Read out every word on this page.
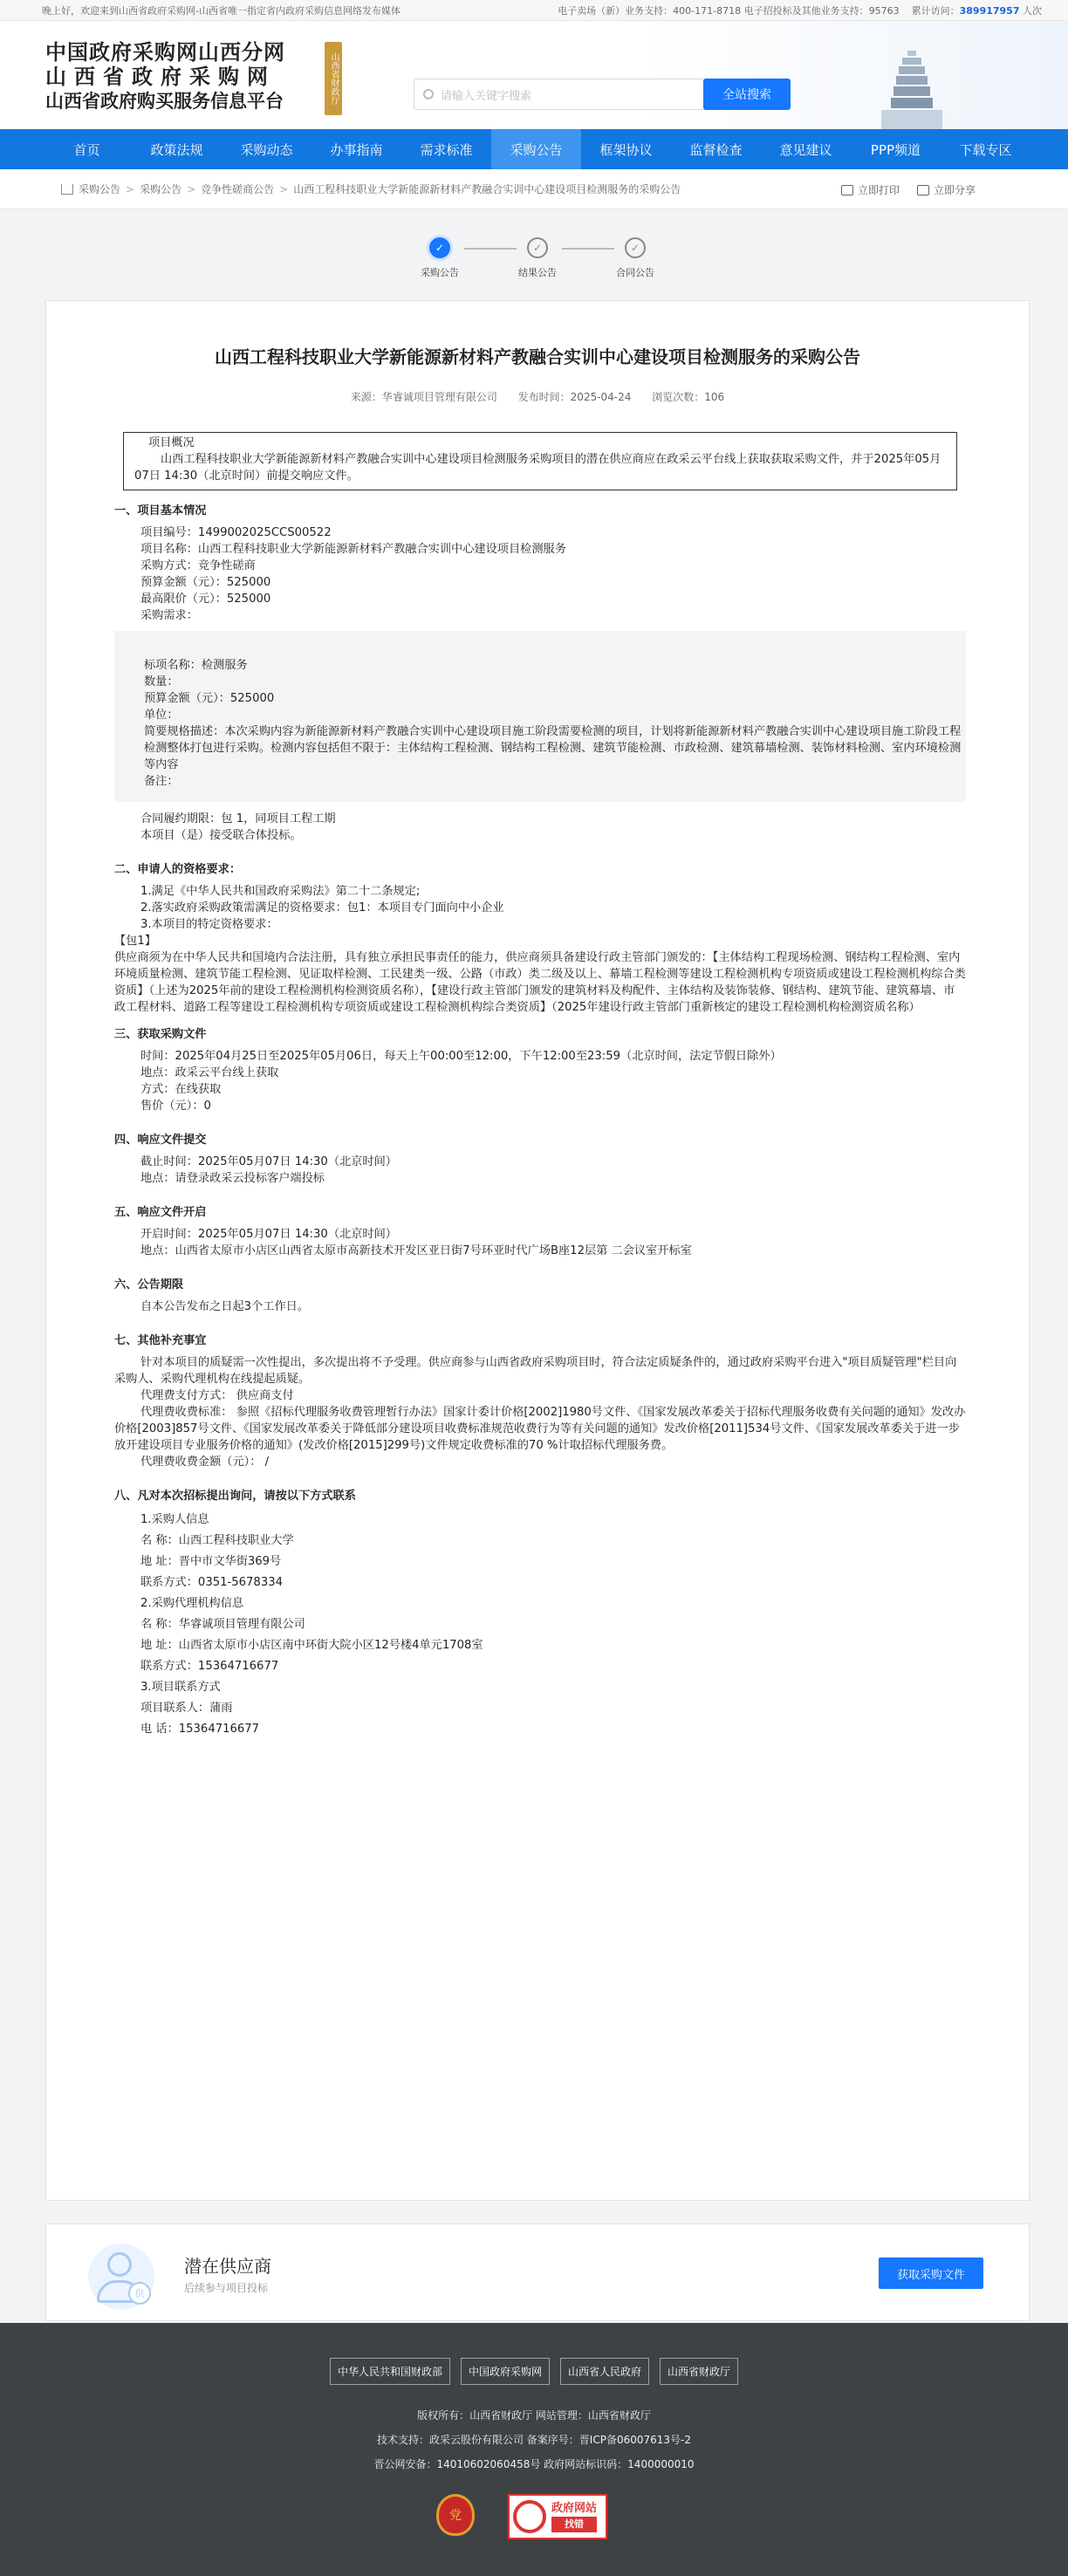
晚上好，欢迎来到山西省政府采购网-山西省唯一指定省内政府采购信息网络发布媒体	电子卖场（新）业务支持：400-171-8718 电子招投标及其他业务支持：95763 累计访问：389917957 人次
中国政府采购网山西分网
山西省政府采购网
山西省政府购买服务信息平台	山西省财政厅	请输入关键字搜索	全站搜索
首页	政策法规	采购动态	办事指南	需求标准	采购公告	框架协议	监督检查	意见建议	PPP频道	下载专区
采购公告 > 采购公告 > 竞争性磋商公告 > 山西工程科技职业大学新能源新材料产教融合实训中心建设项目检测服务的采购公告	立即打印	立即分享
✓
采购公告
✓
结果公告
✓
合同公告
山西工程科技职业大学新能源新材料产教融合实训中心建设项目检测服务的采购公告
来源：华睿诚项目管理有限公司 发布时间：2025-04-24 浏览次数：106
项目概况
山西工程科技职业大学新能源新材料产教融合实训中心建设项目检测服务采购项目的潜在供应商应在政采云平台线上获取获取采购文件，并于2025年05月07日 14:30（北京时间）前提交响应文件。
一、项目基本情况
项目编号：1499002025CCS00522
项目名称：山西工程科技职业大学新能源新材料产教融合实训中心建设项目检测服务
采购方式：竞争性磋商
预算金额（元）：525000
最高限价（元）：525000
采购需求：
标项名称：检测服务
数量：
预算金额（元）：525000
单位：
简要规格描述：本次采购内容为新能源新材料产教融合实训中心建设项目施工阶段需要检测的项目，计划将新能源新材料产教融合实训中心建设项目施工阶段工程检测整体打包进行采购。检测内容包括但不限于：主体结构工程检测、钢结构工程检测、建筑节能检测、市政检测、建筑幕墙检测、装饰材料检测、室内环境检测等内容
备注：
合同履约期限：包 1，同项目工程工期
本项目（是）接受联合体投标。
二、申请人的资格要求：
1.满足《中华人民共和国政府采购法》第二十二条规定;
2.落实政府采购政策需满足的资格要求：包1：本项目专门面向中小企业
3.本项目的特定资格要求：
【包1】
供应商须为在中华人民共和国境内合法注册，具有独立承担民事责任的能力，供应商须具备建设行政主管部门颁发的：【主体结构工程现场检测、钢结构工程检测、室内环境质量检测、建筑节能工程检测、见证取样检测、工民建类一级、公路（市政）类二级及以上、幕墙工程检测等建设工程检测机构专项资质或建设工程检测机构综合类资质】（上述为2025年前的建设工程检测机构检测资质名称），【建设行政主管部门颁发的建筑材料及构配件、主体结构及装饰装修、钢结构、建筑节能、建筑幕墙、市政工程材料、道路工程等建设工程检测机构专项资质或建设工程检测机构综合类资质】（2025年建设行政主管部门重新核定的建设工程检测机构检测资质名称）
三、获取采购文件
时间：2025年04月25日至2025年05月06日，每天上午00:00至12:00，下午12:00至23:59（北京时间，法定节假日除外）
地点：政采云平台线上获取
方式：在线获取
售价（元）：0
四、响应文件提交
截止时间：2025年05月07日 14:30（北京时间）
地点：请登录政采云投标客户端投标
五、响应文件开启
开启时间：2025年05月07日 14:30（北京时间）
地点：山西省太原市小店区山西省太原市高新技术开发区亚日街7号环亚时代广场B座12层第 二会议室开标室
六、公告期限
自本公告发布之日起3个工作日。
七、其他补充事宜
针对本项目的质疑需一次性提出，多次提出将不予受理。供应商参与山西省政府采购项目时，符合法定质疑条件的，通过政府采购平台进入"项目质疑管理"栏目向采购人、采购代理机构在线提起质疑。
代理费支付方式： 供应商支付
代理费收费标准： 参照《招标代理服务收费管理暂行办法》国家计委计价格[2002]1980号文件、《国家发展改革委关于招标代理服务收费有关问题的通知》发改办价格[2003]857号文件、《国家发展改革委关于降低部分建设项目收费标准规范收费行为等有关问题的通知》发改价格[2011]534号文件、《国家发展改革委关于进一步放开建设项目专业服务价格的通知》(发改价格[2015]299号)文件规定收费标准的70 %计取招标代理服务费。
代理费收费金额（元）： /
八、凡对本次招标提出询问，请按以下方式联系
1.采购人信息
名 称：山西工程科技职业大学
地 址：晋中市文华街369号
联系方式：0351-5678334
2.采购代理机构信息
名 称：华睿诚项目管理有限公司
地 址：山西省太原市小店区南中环街大院小区12号楼4单元1708室
联系方式：15364716677
3.项目联系方式
项目联系人：蒲雨
电 话：15364716677
供
潜在供应商
后续参与项目投标
获取采购文件
中华人民共和国财政部	中国政府采购网	山西省人民政府	山西省财政厅
版权所有：山西省财政厅 网站管理：山西省财政厅
技术支持：政采云股份有限公司 备案序号：晋ICP备06007613号-2
晋公网安备：14010602060458号 政府网站标识码：1400000010
党
政府网站
找错
